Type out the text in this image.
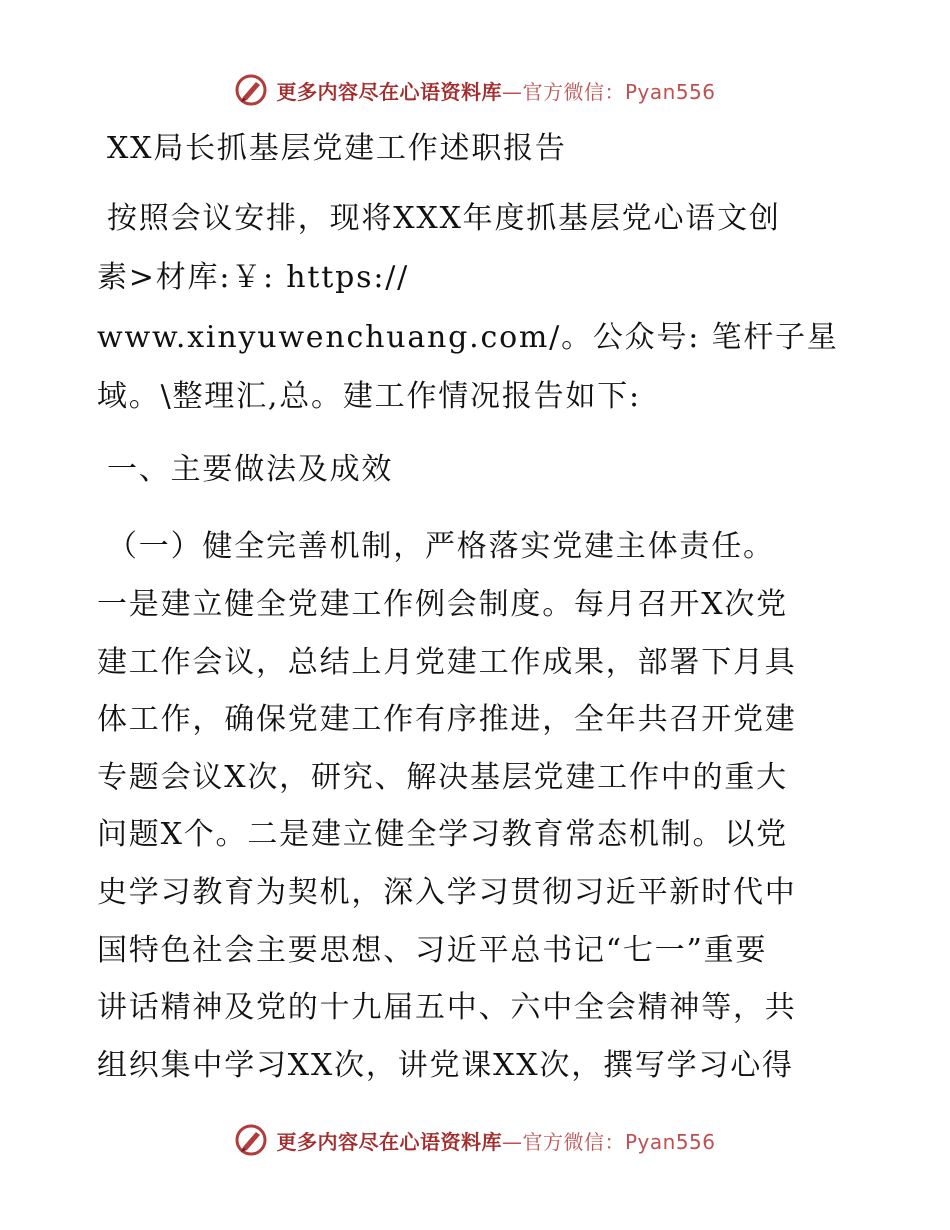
更多内容尽在心语资料库—官方微信：Pyan556
XX局长抓基层党建工作述职报告
按照会议安排，现将XXX年度抓基层党心语文创
素>材库:￥: https://
www.xinyuwenchuang.com/。公众号: 笔杆子星
域。\整理汇,总。建工作情况报告如下:
一、主要做法及成效
（一）健全完善机制，严格落实党建主体责任。
一是建立健全党建工作例会制度。每月召开X次党
建工作会议，总结上月党建工作成果，部署下月具
体工作，确保党建工作有序推进，全年共召开党建
专题会议X次，研究、解决基层党建工作中的重大
问题X个。二是建立健全学习教育常态机制。以党
史学习教育为契机，深入学习贯彻习近平新时代中
国特色社会主要思想、习近平总书记“七一”重要
讲话精神及党的十九届五中、六中全会精神等，共
组织集中学习XX次，讲党课XX次，撰写学习心得
更多内容尽在心语资料库—官方微信：Pyan556
